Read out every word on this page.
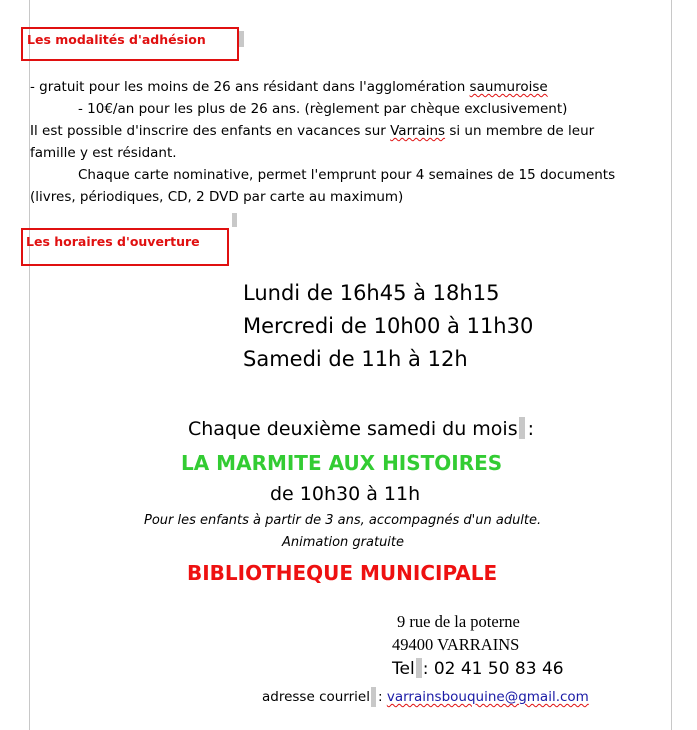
Les modalités d'adhésion
- gratuit pour les moins de 26 ans résidant dans l'agglomération saumuroise
- 10€/an pour les plus de 26 ans. (règlement par chèque exclusivement)
Il est possible d'inscrire des enfants en vacances sur Varrains si un membre de leur
famille y est résidant.
Chaque carte nominative, permet l'emprunt pour 4 semaines de 15 documents
(livres, périodiques, CD, 2 DVD par carte au maximum)
Les horaires d'ouverture
Lundi de 16h45 à 18h15
Mercredi de 10h00 à 11h30
Samedi de 11h à 12h
Chaque deuxième samedi du mois :
LA MARMITE AUX HISTOIRES
de 10h30 à 11h
Pour les enfants à partir de 3 ans, accompagnés d'un adulte.
Animation gratuite
BIBLIOTHEQUE MUNICIPALE
9 rue de la poterne
49400 VARRAINS
Tel : 02 41 50 83 46
adresse courriel : varrainsbouquine@gmail.com
